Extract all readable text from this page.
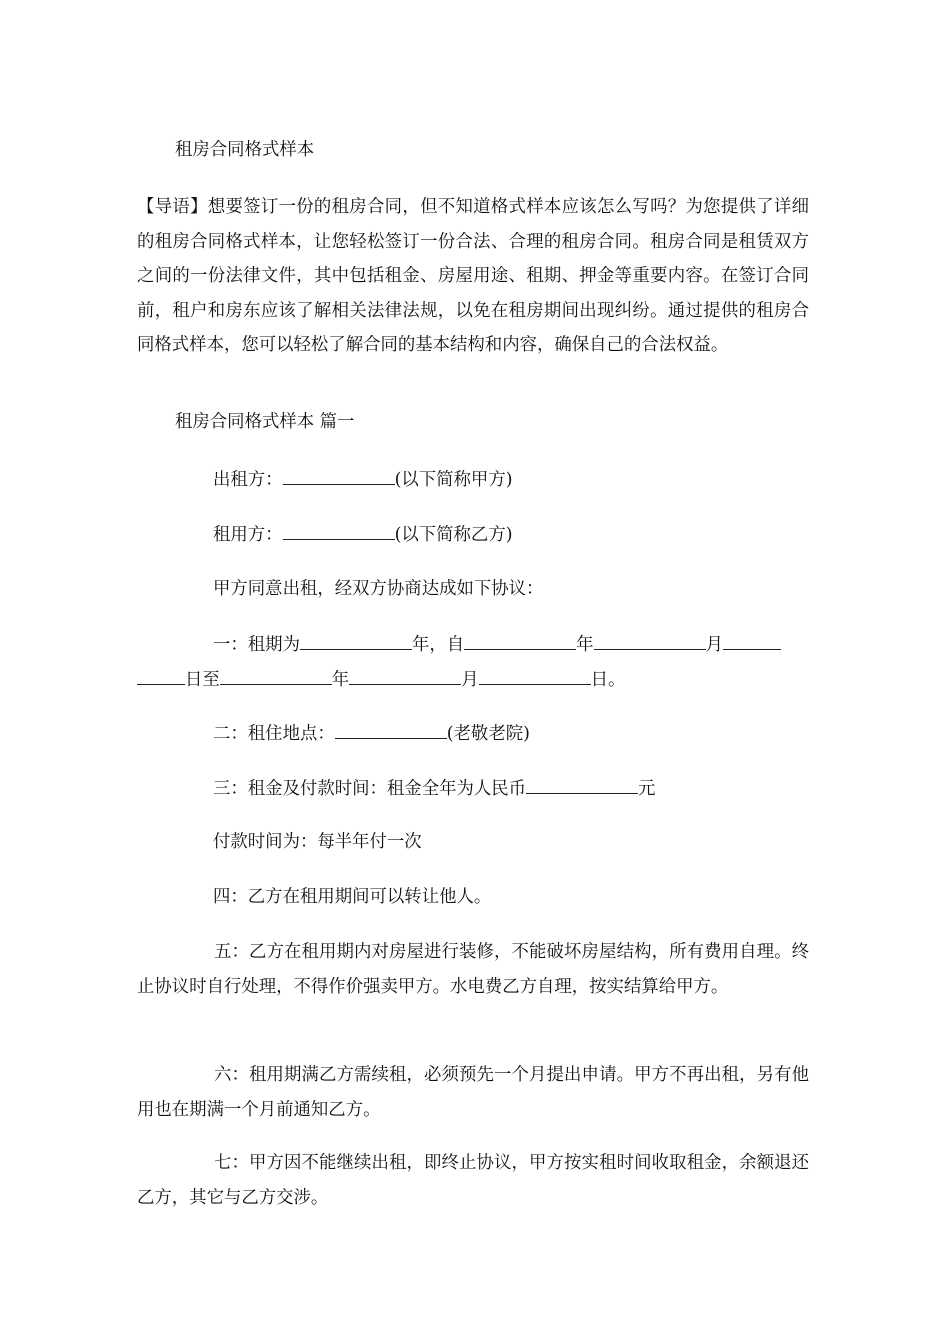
租房合同格式样本
【导语】想要签订一份的租房合同，但不知道格式样本应该怎么写吗？为您提供了详细的租房合同格式样本，让您轻松签订一份合法、合理的租房合同。租房合同是租赁双方之间的一份法律文件，其中包括租金、房屋用途、租期、押金等重要内容。在签订合同前，租户和房东应该了解相关法律法规，以免在租房期间出现纠纷。通过提供的租房合同格式样本，您可以轻松了解合同的基本结构和内容，确保自己的合法权益。
租房合同格式样本 篇一
出租方：	(以下简称甲方)
租用方：	(以下简称乙方)
甲方同意出租，经双方协商达成如下协议：
一：租期为	年，自	年	月
日至	年	月	日。
二：租住地点：	(老敬老院)
三：租金及付款时间：租金全年为人民币	元
付款时间为：每半年付一次
四：乙方在租用期间可以转让他人。
五：乙方在租用期内对房屋进行装修，不能破坏房屋结构，所有费用自理。终止协议时自行处理，不得作价强卖甲方。水电费乙方自理，按实结算给甲方。
六：租用期满乙方需续租，必须预先一个月提出申请。甲方不再出租，另有他用也在期满一个月前通知乙方。
七：甲方因不能继续出租，即终止协议，甲方按实租时间收取租金，余额退还乙方，其它与乙方交涉。
